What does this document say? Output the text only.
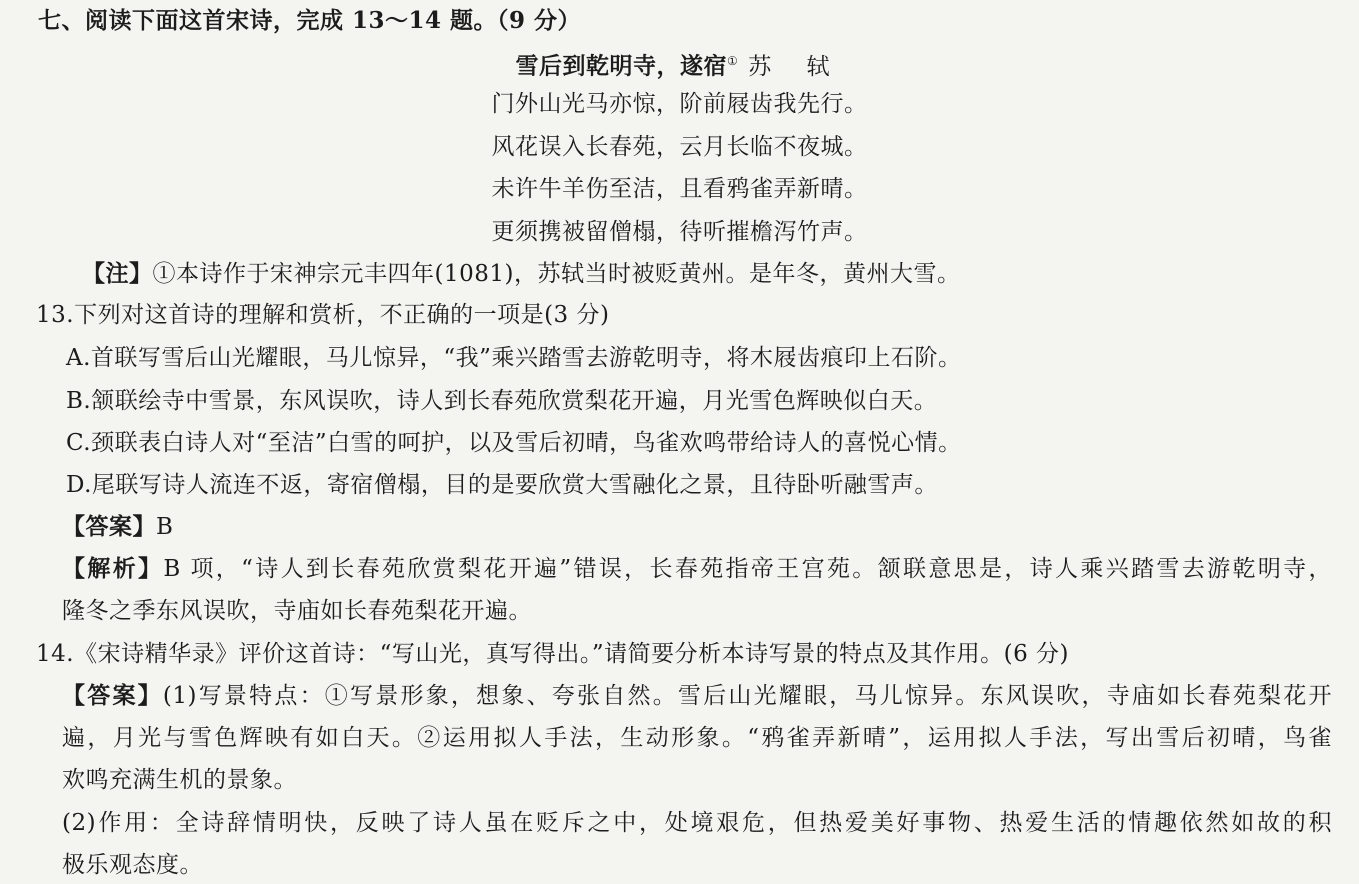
七、阅读下面这首宋诗，完成 13～14 题。（9 分）
雪后到乾明寺，遂宿① 苏 轼
门外山光马亦惊，阶前屐齿我先行。
风花误入长春苑，云月长临不夜城。
未许牛羊伤至洁，且看鸦雀弄新晴。
更须携被留僧榻，待听摧檐泻竹声。
【注】①本诗作于宋神宗元丰四年(1081)，苏轼当时被贬黄州。是年冬，黄州大雪。
13.下列对这首诗的理解和赏析，不正确的一项是(3 分)
A.首联写雪后山光耀眼，马儿惊异，“我”乘兴踏雪去游乾明寺，将木屐齿痕印上石阶。
B.颔联绘寺中雪景，东风误吹，诗人到长春苑欣赏梨花开遍，月光雪色辉映似白天。
C.颈联表白诗人对“至洁”白雪的呵护，以及雪后初晴，鸟雀欢鸣带给诗人的喜悦心情。
D.尾联写诗人流连不返，寄宿僧榻，目的是要欣赏大雪融化之景，且待卧听融雪声。
【答案】B
【解析】B 项，“诗人到长春苑欣赏梨花开遍”错误，长春苑指帝王宫苑。颔联意思是，诗人乘兴踏雪去游乾明寺，
隆冬之季东风误吹，寺庙如长春苑梨花开遍。
14.《宋诗精华录》评价这首诗：“写山光，真写得出。”请简要分析本诗写景的特点及其作用。(6 分)
【答案】(1)写景特点：①写景形象，想象、夸张自然。雪后山光耀眼，马儿惊异。东风误吹，寺庙如长春苑梨花开
遍，月光与雪色辉映有如白天。②运用拟人手法，生动形象。“鸦雀弄新晴”，运用拟人手法，写出雪后初晴，鸟雀
欢鸣充满生机的景象。
(2)作用：全诗辞情明快，反映了诗人虽在贬斥之中，处境艰危，但热爱美好事物、热爱生活的情趣依然如故的积
极乐观态度。
